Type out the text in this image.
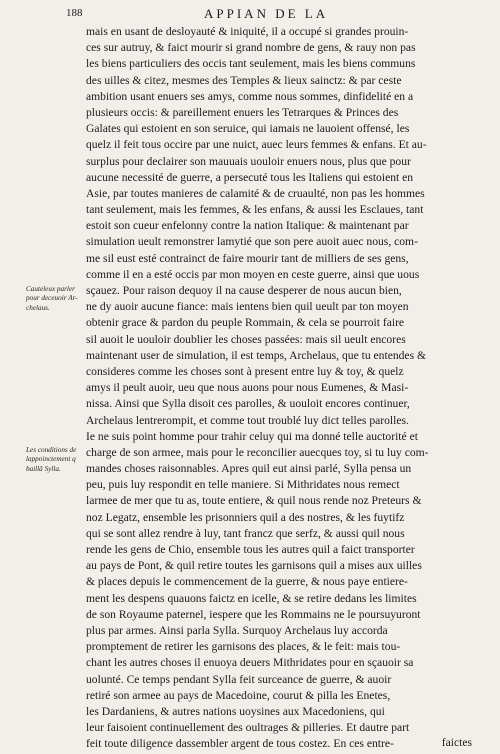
188	APPIAN DE LA
mais en usant de desloyauté & iniquité, il a occupé si grandes prouin-
ces sur autruy, & faict mourir si grand nombre de gens, & rauy non pas
les biens particuliers des occis tant seulement, mais les biens communs
des uilles & citez, mesmes des Temples & lieux sainctz: & par ceste
ambition usant enuers ses amys, comme nous sommes, dinfidelité en a
plusieurs occis: & pareillement enuers les Tetrarques & Princes des
Galates qui estoient en son seruice, qui iamais ne lauoient offensé, les
quelz il feit tous occire par une nuict, auec leurs femmes & enfans. Et au-
surplus pour declairer son mauuais uouloir enuers nous, plus que pour
aucune necessité de guerre, a persecuté tous les Italiens qui estoient en
Asie, par toutes manieres de calamité & de cruaulté, non pas les hommes
tant seulement, mais les femmes, & les enfans, & aussi les Esclaues, tant
estoit son cueur enfelonny contre la nation Italique: & maintenant par
simulation ueult remonstrer lamytié que son pere auoit auec nous, com-
me sil eust esté contrainct de faire mourir tant de milliers de ses gens,
comme il en a esté occis par mon moyen en ceste guerre, ainsi que uous
sçauez. Pour raison dequoy il na cause desperer de nous aucun bien,
ne dy auoir aucune fiance: mais ientens bien quil ueult par ton moyen
obtenir grace & pardon du peuple Rommain, & cela se pourroit faire
sil auoit le uouloir doublier les choses passées: mais sil ueult encores
maintenant user de simulation, il est temps, Archelaus, que tu entendes &
consideres comme les choses sont à present entre luy & toy, & quelz
amys il peult auoir, ueu que nous auons pour nous Eumenes, & Masi-
nissa. Ainsi que Sylla disoit ces parolles, & uouloit encores continuer,
Archelaus lentrerompit, et comme tout troublé luy dict telles parolles.
Ie ne suis point homme pour trahir celuy qui ma donné telle auctorité et
charge de son armee, mais pour le reconcilier auecques toy, si tu luy com-
mandes choses raisonnables. Apres quil eut ainsi parlé, Sylla pensa un
peu, puis luy respondit en telle maniere. Si Mithridates nous remect
larmee de mer que tu as, toute entiere, & quil nous rende noz Preteurs &
noz Legatz, ensemble les prisonniers quil a des nostres, & les fuytifz
qui se sont allez rendre à luy, tant francz que serfz, & aussi quil nous
rende les gens de Chio, ensemble tous les autres quil a faict transporter
au pays de Pont, & quil retire toutes les garnisons quil a mises aux uilles
& places depuis le commencement de la guerre, & nous paye entiere-
ment les despens quauons faictz en icelle, & se retire dedans les limites
de son Royaume paternel, iespere que les Rommains ne le poursuyuront
plus par armes. Ainsi parla Sylla. Surquoy Archelaus luy accorda
promptement de retirer les garnisons des places, & le feit: mais tou-
chant les autres choses il enuoya deuers Mithridates pour en sçauoir sa
uolunté. Ce temps pendant Sylla feit surceance de guerre, & auoir
retiré son armee au pays de Macedoine, courut & pilla les Enetes,
les Dardaniens, & autres nations uoysines aux Macedoniens, qui
leur faisoient continuellement des oultrages & pilleries. Et dautre part
feit toute diligence dassembler argent de tous costez. En ces entre-
Cauteleux parler
pour deceuoir Ar-
chelaus.
Les conditions de
lappoinctement q
baillâ Sylla.
faictes
